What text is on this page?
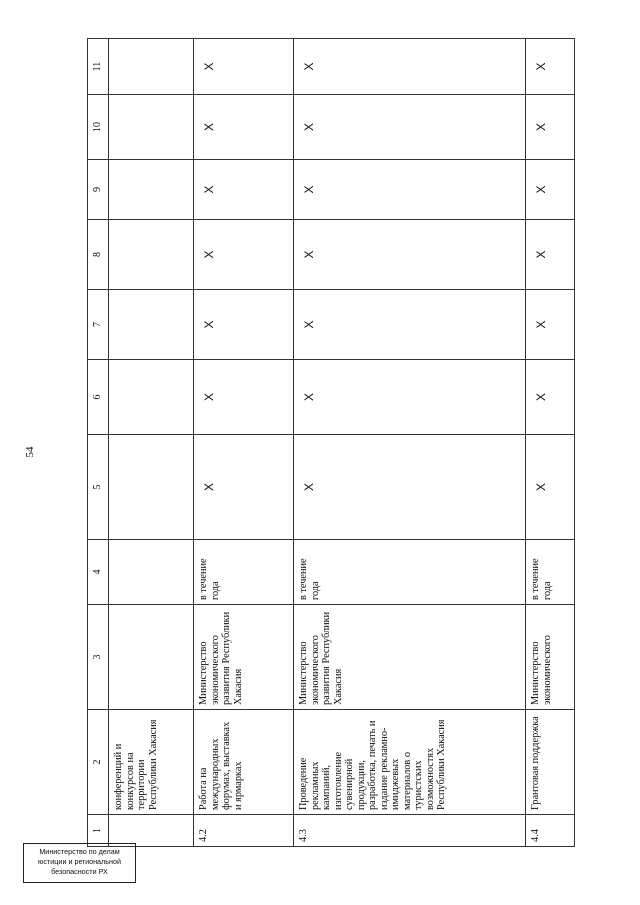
54
1	2	3	4	5	6	7	8	9	10	11
	конференций и конкурсов на территории Республики Хакасия									
4.2	Работа на международных форумах, выставках и ярмарках	Министерство экономического развития Республики Хакасия	в течение года	X	X	X	X	X	X	X
4.3	Проведение рекламных кампаний, изготовление сувенирной продукции, разработка, печать и издание рекламно-имиджевых материалов о туристских возможностях Республики Хакасия	Министерство экономического развития Республики Хакасия	в течение года	X	X	X	X	X	X	X
4.4	Грантовая поддержка	Министерство экономического	в течение года	X	X	X	X	X	X	X
Министерство по делам
юстиции и региональной
безопасности РХ
